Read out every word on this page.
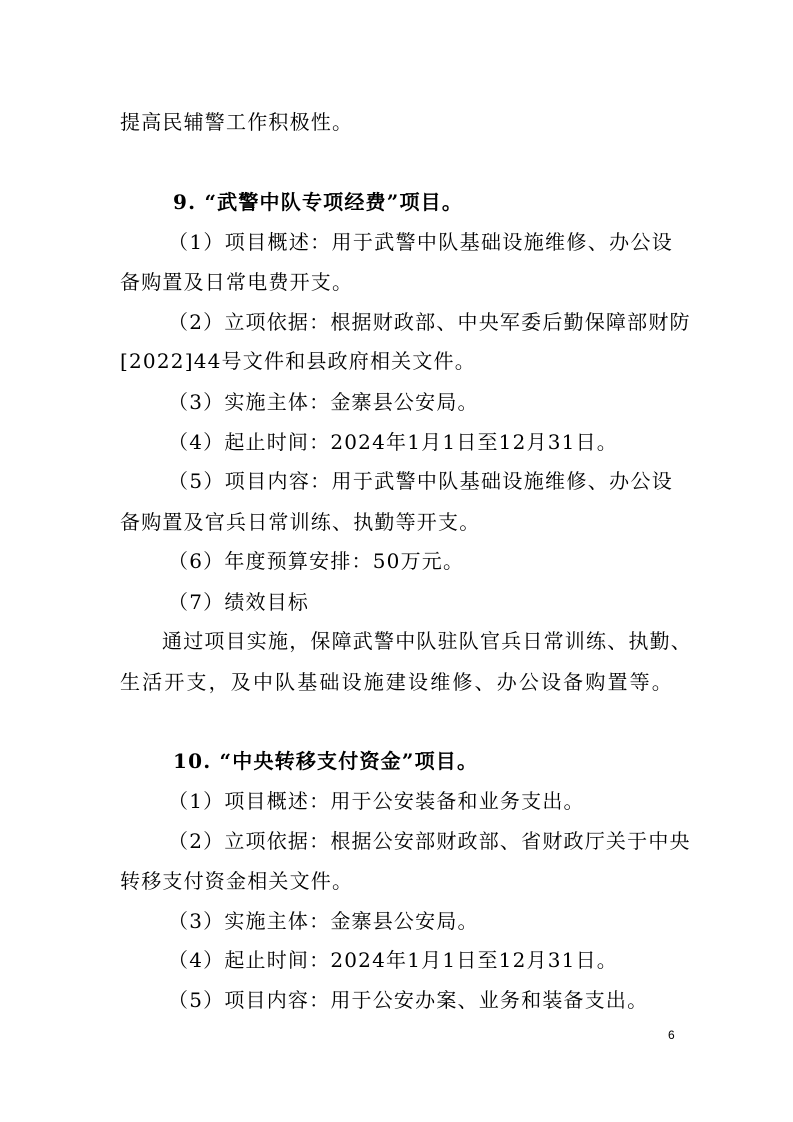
提高民辅警工作积极性。
9. “武警中队专项经费”项目。
（1）项目概述：用于武警中队基础设施维修、办公设
备购置及日常电费开支。
（2）立项依据：根据财政部、中央军委后勤保障部财防
[2022]44号文件和县政府相关文件。
（3）实施主体：金寨县公安局。
（4）起止时间：2024年1月1日至12月31日。
（5）项目内容：用于武警中队基础设施维修、办公设
备购置及官兵日常训练、执勤等开支。
（6）年度预算安排：50万元。
（7）绩效目标
通过项目实施，保障武警中队驻队官兵日常训练、执勤、
生活开支，及中队基础设施建设维修、办公设备购置等。
10. “中央转移支付资金”项目。
（1）项目概述：用于公安装备和业务支出。
（2）立项依据：根据公安部财政部、省财政厅关于中央
转移支付资金相关文件。
（3）实施主体：金寨县公安局。
（4）起止时间：2024年1月1日至12月31日。
（5）项目内容：用于公安办案、业务和装备支出。
6
